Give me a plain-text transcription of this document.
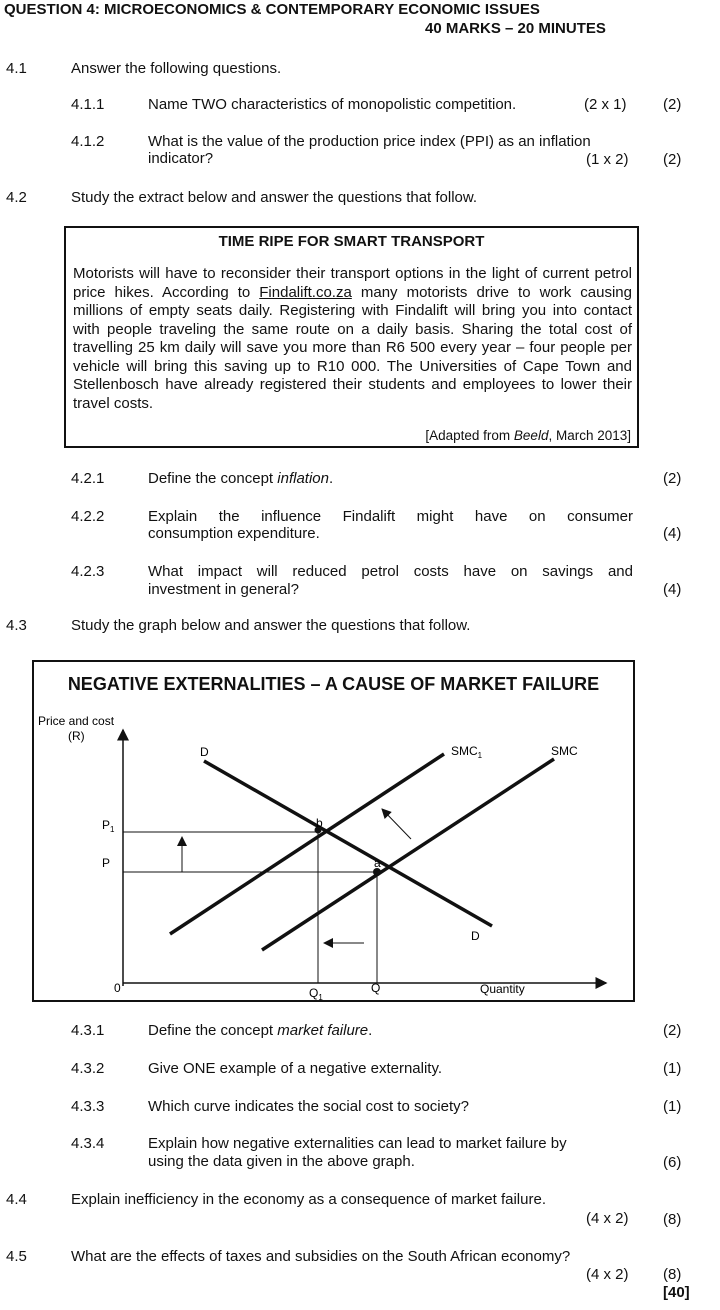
QUESTION 4: MICROECONOMICS & CONTEMPORARY ECONOMIC ISSUES
40 MARKS – 20 MINUTES
4.1	Answer the following questions.
4.1.1	Name TWO characteristics of monopolistic competition.	(2 x 1) (2)
4.1.2	What is the value of the production price index (PPI) as an inflation
indicator?	(1 x 2) (2)
4.2	Study the extract below and answer the questions that follow.
TIME RIPE FOR SMART TRANSPORT

Motorists will have to reconsider their transport options in the light of current petrol price hikes. According to Findalift.co.za many motorists drive to work causing millions of empty seats daily. Registering with Findalift will bring you into contact with people traveling the same route on a daily basis. Sharing the total cost of travelling 25 km daily will save you more than R6 500 every year – four people per vehicle will bring this saving up to R10 000. The Universities of Cape Town and Stellenbosch have already registered their students and employees to lower their travel costs.

[Adapted from Beeld, March 2013]
4.2.1	Define the concept inflation.	(2)
4.2.2	Explain the influence Findalift might have on consumer
consumption expenditure.	(4)
4.2.3	What impact will reduced petrol costs have on savings and
investment in general?	(4)
4.3	Study the graph below and answer the questions that follow.
NEGATIVE EXTERNALITIES – A CAUSE OF MARKET FAILURE
Price and cost
(R)
Quantity
0
D
D
$SMC_1$	SMC
$P_1$
P
$Q_1$
Q
b
a
4.3.1	Define the concept market failure.	(2)
4.3.2	Give ONE example of a negative externality.	(1)
4.3.3	Which curve indicates the social cost to society?	(1)
4.3.4	Explain how negative externalities can lead to market failure by
using the data given in the above graph.	(6)
4.4	Explain inefficiency in the economy as a consequence of market failure.
(4 x 2) (8)
4.5	What are the effects of taxes and subsidies on the South African economy?
(4 x 2) (8)
[40]
